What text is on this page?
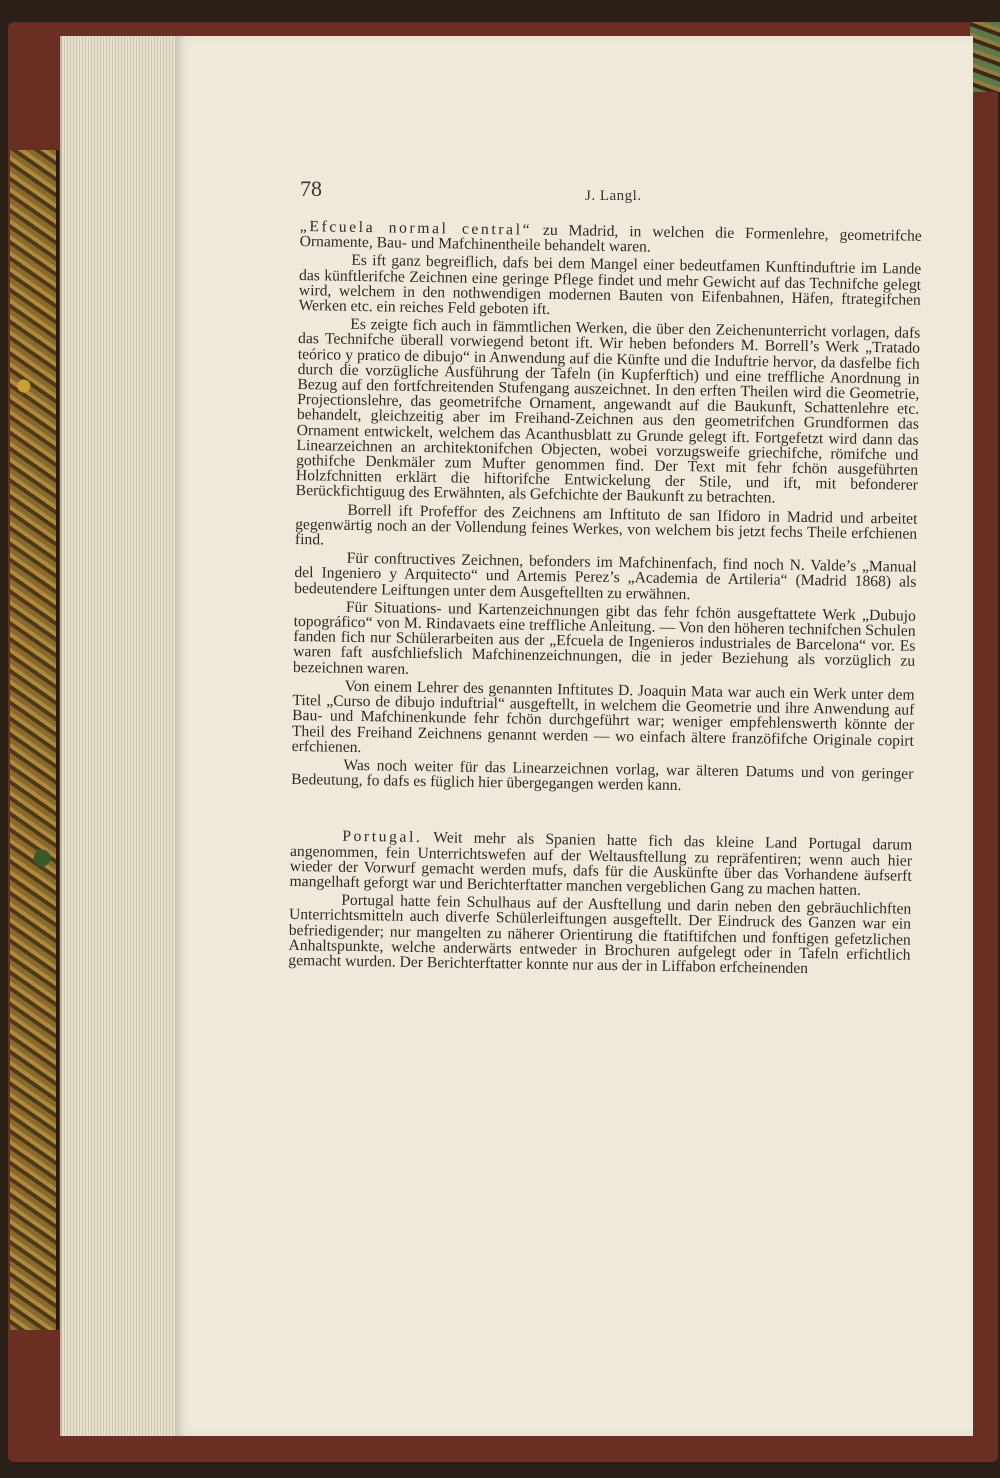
78	J. Langl.

„Efcuela normal central“ zu Madrid, in welchen die Formenlehre, geometrifche Ornamente, Bau- und Mafchinentheile behandelt waren.

Es ift ganz begreiflich, dafs bei dem Mangel einer bedeutfamen Kunftinduftrie im Lande das künftlerifche Zeichnen eine geringe Pflege findet und mehr Gewicht auf das Technifche gelegt wird, welchem in den nothwendigen modernen Bauten von Eifenbahnen, Häfen, ftrategifchen Werken etc. ein reiches Feld geboten ift.

Es zeigte fich auch in fämmtlichen Werken, die über den Zeichenunterricht vorlagen, dafs das Technifche überall vorwiegend betont ift. Wir heben befonders M. Borrell’s Werk „Tratado teórico y pratico de dibujo“ in Anwendung auf die Künfte und die Induftrie hervor, da dasfelbe fich durch die vorzügliche Ausführung der Tafeln (in Kupferftich) und eine treffliche Anordnung in Bezug auf den fortfchreitenden Stufengang auszeichnet. In den erften Theilen wird die Geometrie, Projectionslehre, das geometrifche Ornament, angewandt auf die Baukunft, Schattenlehre etc. behandelt, gleichzeitig aber im Freihand-Zeichnen aus den geometrifchen Grundformen das Ornament entwickelt, welchem das Acanthusblatt zu Grunde gelegt ift. Fortgefetzt wird dann das Linearzeichnen an architektonifchen Objecten, wobei vorzugsweife griechifche, römifche und gothifche Denkmäler zum Mufter genommen find. Der Text mit fehr fchön ausgeführten Holzfchnitten erklärt die hiftorifche Entwickelung der Stile, und ift, mit befonderer Berückfichtiguug des Erwähnten, als Gefchichte der Baukunft zu betrachten.

Borrell ift Profeffor des Zeichnens am Inftituto de san Ifidoro in Madrid und arbeitet gegenwärtig noch an der Vollendung feines Werkes, von welchem bis jetzt fechs Theile erfchienen find.

Für conftructives Zeichnen, befonders im Mafchinenfach, find noch N. Valde’s „Manual del Ingeniero y Arquitecto“ und Artemis Perez’s „Academia de Artileria“ (Madrid 1868) als bedeutendere Leiftungen unter dem Ausgeftellten zu erwähnen.

Für Situations- und Kartenzeichnungen gibt das fehr fchön ausgeftattete Werk „Dubujo topográfico“ von M. Rindavaets eine treffliche Anleitung. — Von den höheren technifchen Schulen fanden fich nur Schülerarbeiten aus der „Efcuela de Ingenieros industriales de Barcelona“ vor. Es waren faft ausfchliefslich Mafchinenzeichnungen, die in jeder Beziehung als vorzüglich zu bezeichnen waren.

Von einem Lehrer des genannten Inftitutes D. Joaquin Mata war auch ein Werk unter dem Titel „Curso de dibujo induftrial“ ausgeftellt, in welchem die Geometrie und ihre Anwendung auf Bau- und Mafchinenkunde fehr fchön durchgeführt war; weniger empfehlenswerth könnte der Theil des Freihand Zeichnens genannt werden — wo einfach ältere franzöfifche Originale copirt erfchienen.

Was noch weiter für das Linearzeichnen vorlag, war älteren Datums und von geringer Bedeutung, fo dafs es füglich hier übergegangen werden kann.

Portugal. Weit mehr als Spanien hatte fich das kleine Land Portugal darum angenommen, fein Unterrichtswefen auf der Weltausftellung zu repräfentiren; wenn auch hier wieder der Vorwurf gemacht werden mufs, dafs für die Auskünfte über das Vorhandene äufserft mangelhaft geforgt war und Berichterftatter manchen vergeblichen Gang zu machen hatten.

Portugal hatte fein Schulhaus auf der Ausftellung und darin neben den gebräuchlichften Unterrichtsmitteln auch diverfe Schülerleiftungen ausgeftellt. Der Eindruck des Ganzen war ein befriedigender; nur mangelten zu näherer Orientirung die ftatiftifchen und fonftigen gefetzlichen Anhaltspunkte, welche anderwärts entweder in Brochuren aufgelegt oder in Tafeln erfichtlich gemacht wurden. Der Berichterftatter konnte nur aus der in Liffabon erfcheinenden
